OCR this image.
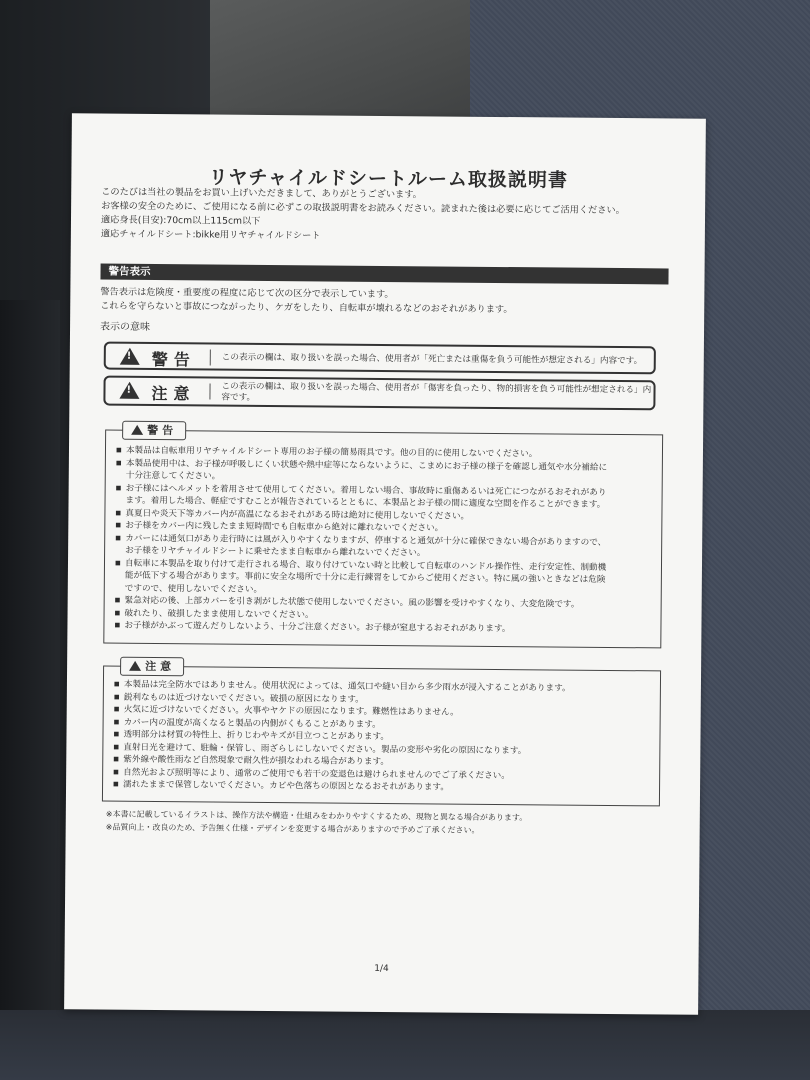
リヤチャイルドシートルーム取扱説明書
このたびは当社の製品をお買い上げいただきまして、ありがとうございます。
お客様の安全のために、ご使用になる前に必ずこの取扱説明書をお読みください。読まれた後は必要に応じてご活用ください。
適応身長(目安):70cm以上115cm以下
適応チャイルドシート:bikke用リヤチャイルドシート
警告表示
警告表示は危険度・重要度の程度に応じて次の区分で表示しています。
これらを守らないと事故につながったり、ケガをしたり、自転車が壊れるなどのおそれがあります。
表示の意味
!
警告	この表示の欄は、取り扱いを誤った場合、使用者が「死亡または重傷を負う可能性が想定される」内容です。
!
注意	この表示の欄は、取り扱いを誤った場合、使用者が「傷害を負ったり、物的損害を負う可能性が想定される」内容です。
警告
■ 本製品は自転車用リヤチャイルドシート専用のお子様の簡易雨具です。他の目的に使用しないでください。
■ 本製品使用中は、お子様が呼吸しにくい状態や熱中症等にならないように、こまめにお子様の様子を確認し通気や水分補給に
十分注意してください。
■ お子様にはヘルメットを着用させて使用してください。着用しない場合、事故時に重傷あるいは死亡につながるおそれがあり
ます。着用した場合、軽症ですむことが報告されているとともに、本製品とお子様の間に適度な空間を作ることができます。
■ 真夏日や炎天下等カバー内が高温になるおそれがある時は絶対に使用しないでください。
■ お子様をカバー内に残したまま短時間でも自転車から絶対に離れないでください。
■ カバーには通気口があり走行時には風が入りやすくなりますが、停車すると通気が十分に確保できない場合がありますので、
お子様をリヤチャイルドシートに乗せたまま自転車から離れないでください。
■ 自転車に本製品を取り付けて走行される場合、取り付けていない時と比較して自転車のハンドル操作性、走行安定性、制動機
能が低下する場合があります。事前に安全な場所で十分に走行練習をしてからご使用ください。特に風の強いときなどは危険
ですので、使用しないでください。
■ 緊急対応の後、上部カバーを引き剥がした状態で使用しないでください。風の影響を受けやすくなり、大変危険です。
■ 破れたり、破損したまま使用しないでください。
■ お子様がかぶって遊んだりしないよう、十分ご注意ください。お子様が窒息するおそれがあります。
注意
■ 本製品は完全防水ではありません。使用状況によっては、通気口や縫い目から多少雨水が浸入することがあります。
■ 鋭利なものは近づけないでください。破損の原因になります。
■ 火気に近づけないでください。火事やヤケドの原因になります。難燃性はありません。
■ カバー内の温度が高くなると製品の内側がくもることがあります。
■ 透明部分は材質の特性上、折りじわやキズが目立つことがあります。
■ 直射日光を避けて、駐輪・保管し、雨ざらしにしないでください。製品の変形や劣化の原因になります。
■ 紫外線や酸性雨など自然現象で耐久性が損なわれる場合があります。
■ 自然光および照明等により、通常のご使用でも若干の変退色は避けられませんのでご了承ください。
■ 濡れたままで保管しないでください。カビや色落ちの原因となるおそれがあります。
※本書に記載しているイラストは、操作方法や構造・仕組みをわかりやすくするため、現物と異なる場合があります。
※品質向上・改良のため、予告無く仕様・デザインを変更する場合がありますので予めご了承ください。
1/4
